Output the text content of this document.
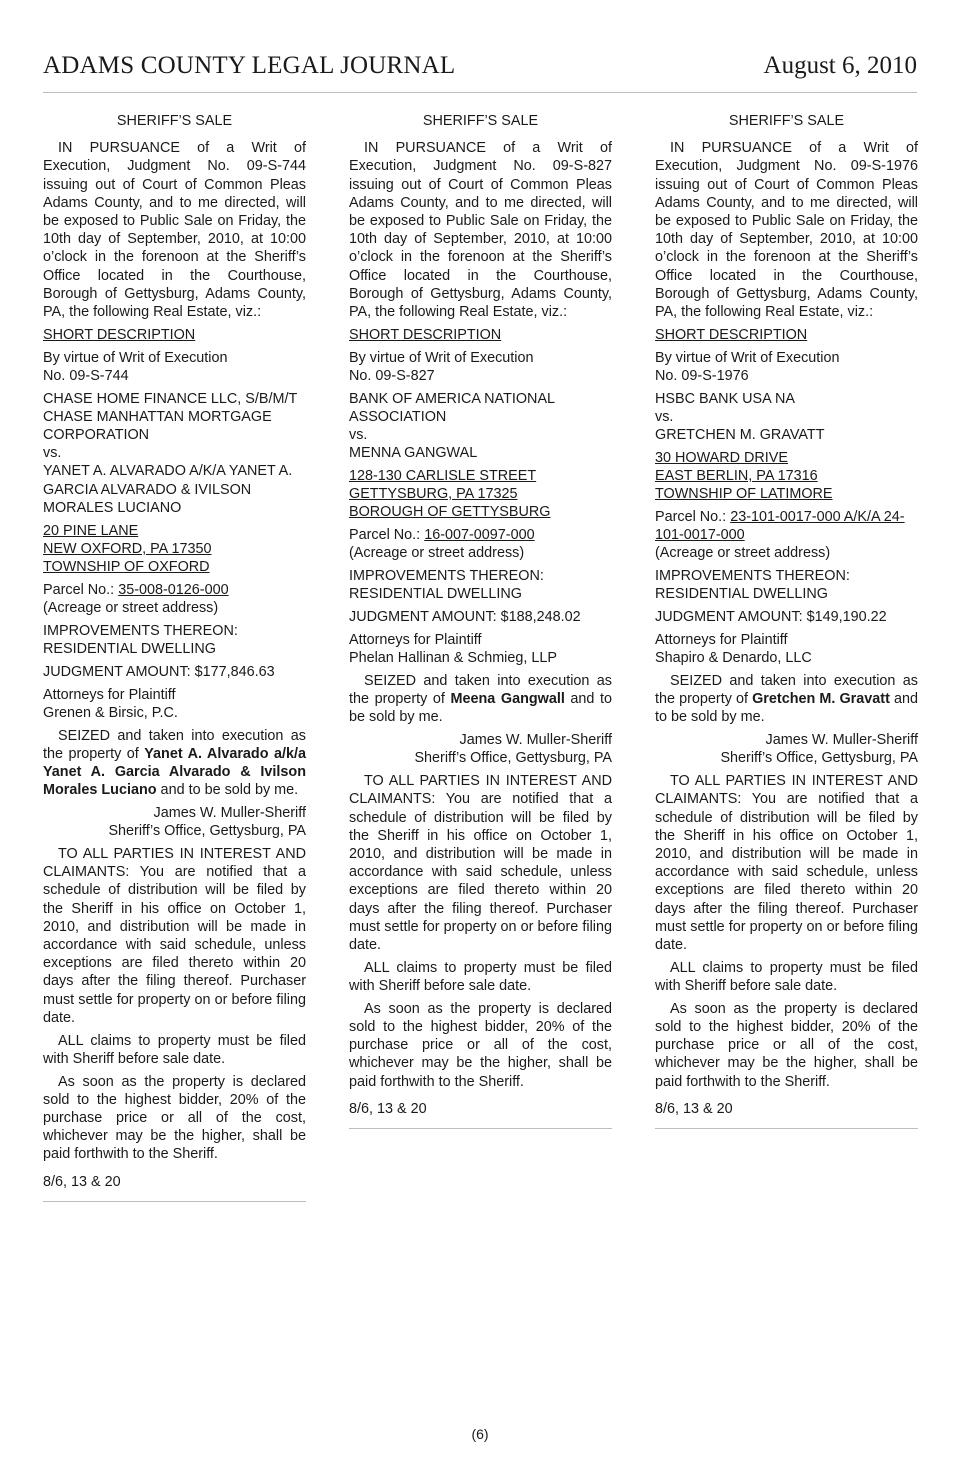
ADAMS COUNTY LEGAL JOURNAL	August 6, 2010
SHERIFF’S SALE

IN PURSUANCE of a Writ of Execution, Judgment No. 09-S-744 issuing out of Court of Common Pleas Adams County, and to me directed, will be exposed to Public Sale on Friday, the 10th day of September, 2010, at 10:00 o’clock in the forenoon at the Sheriff’s Office located in the Courthouse, Borough of Gettysburg, Adams County, PA, the following Real Estate, viz.:

SHORT DESCRIPTION

By virtue of Writ of Execution
No. 09-S-744

CHASE HOME FINANCE LLC, S/B/M/T CHASE MANHATTAN MORTGAGE CORPORATION
vs.
YANET A. ALVARADO A/K/A YANET A. GARCIA ALVARADO & IVILSON MORALES LUCIANO

20 PINE LANE
NEW OXFORD, PA 17350
TOWNSHIP OF OXFORD

Parcel No.: 35-008-0126-000
(Acreage or street address)

IMPROVEMENTS THEREON: RESIDENTIAL DWELLING

JUDGMENT AMOUNT: $177,846.63

Attorneys for Plaintiff
Grenen & Birsic, P.C.

SEIZED and taken into execution as the property of Yanet A. Alvarado a/k/a Yanet A. Garcia Alvarado & Ivilson Morales Luciano and to be sold by me.

James W. Muller-Sheriff
Sheriff’s Office, Gettysburg, PA

TO ALL PARTIES IN INTEREST AND CLAIMANTS: You are notified that a schedule of distribution will be filed by the Sheriff in his office on October 1, 2010, and distribution will be made in accordance with said schedule, unless exceptions are filed thereto within 20 days after the filing thereof. Purchaser must settle for property on or before filing date.

ALL claims to property must be filed with Sheriff before sale date.

As soon as the property is declared sold to the highest bidder, 20% of the purchase price or all of the cost, whichever may be the higher, shall be paid forthwith to the Sheriff.

8/6, 13 & 20

SHERIFF’S SALE

IN PURSUANCE of a Writ of Execution, Judgment No. 09-S-827 issuing out of Court of Common Pleas Adams County, and to me directed, will be exposed to Public Sale on Friday, the 10th day of September, 2010, at 10:00 o’clock in the forenoon at the Sheriff’s Office located in the Courthouse, Borough of Gettysburg, Adams County, PA, the following Real Estate, viz.:

SHORT DESCRIPTION

By virtue of Writ of Execution
No. 09-S-827

BANK OF AMERICA NATIONAL ASSOCIATION
vs.
MENNA GANGWAL

128-130 CARLISLE STREET
GETTYSBURG, PA 17325
BOROUGH OF GETTYSBURG

Parcel No.: 16-007-0097-000
(Acreage or street address)

IMPROVEMENTS THEREON: RESIDENTIAL DWELLING

JUDGMENT AMOUNT: $188,248.02

Attorneys for Plaintiff
Phelan Hallinan & Schmieg, LLP

SEIZED and taken into execution as the property of Meena Gangwall and to be sold by me.

James W. Muller-Sheriff
Sheriff’s Office, Gettysburg, PA

TO ALL PARTIES IN INTEREST AND CLAIMANTS: You are notified that a schedule of distribution will be filed by the Sheriff in his office on October 1, 2010, and distribution will be made in accordance with said schedule, unless exceptions are filed thereto within 20 days after the filing thereof. Purchaser must settle for property on or before filing date.

ALL claims to property must be filed with Sheriff before sale date.

As soon as the property is declared sold to the highest bidder, 20% of the purchase price or all of the cost, whichever may be the higher, shall be paid forthwith to the Sheriff.

8/6, 13 & 20

SHERIFF’S SALE

IN PURSUANCE of a Writ of Execution, Judgment No. 09-S-1976 issuing out of Court of Common Pleas Adams County, and to me directed, will be exposed to Public Sale on Friday, the 10th day of September, 2010, at 10:00 o’clock in the forenoon at the Sheriff’s Office located in the Courthouse, Borough of Gettysburg, Adams County, PA, the following Real Estate, viz.:

SHORT DESCRIPTION

By virtue of Writ of Execution
No. 09-S-1976

HSBC BANK USA NA
vs.
GRETCHEN M. GRAVATT

30 HOWARD DRIVE
EAST BERLIN, PA 17316
TOWNSHIP OF LATIMORE

Parcel No.: 23-101-0017-000 A/K/A 24-101-0017-000
(Acreage or street address)

IMPROVEMENTS THEREON: RESIDENTIAL DWELLING

JUDGMENT AMOUNT: $149,190.22

Attorneys for Plaintiff
Shapiro & Denardo, LLC

SEIZED and taken into execution as the property of Gretchen M. Gravatt and to be sold by me.

James W. Muller-Sheriff
Sheriff’s Office, Gettysburg, PA

TO ALL PARTIES IN INTEREST AND CLAIMANTS: You are notified that a schedule of distribution will be filed by the Sheriff in his office on October 1, 2010, and distribution will be made in accordance with said schedule, unless exceptions are filed thereto within 20 days after the filing thereof. Purchaser must settle for property on or before filing date.

ALL claims to property must be filed with Sheriff before sale date.

As soon as the property is declared sold to the highest bidder, 20% of the purchase price or all of the cost, whichever may be the higher, shall be paid forthwith to the Sheriff.

8/6, 13 & 20

(6)
